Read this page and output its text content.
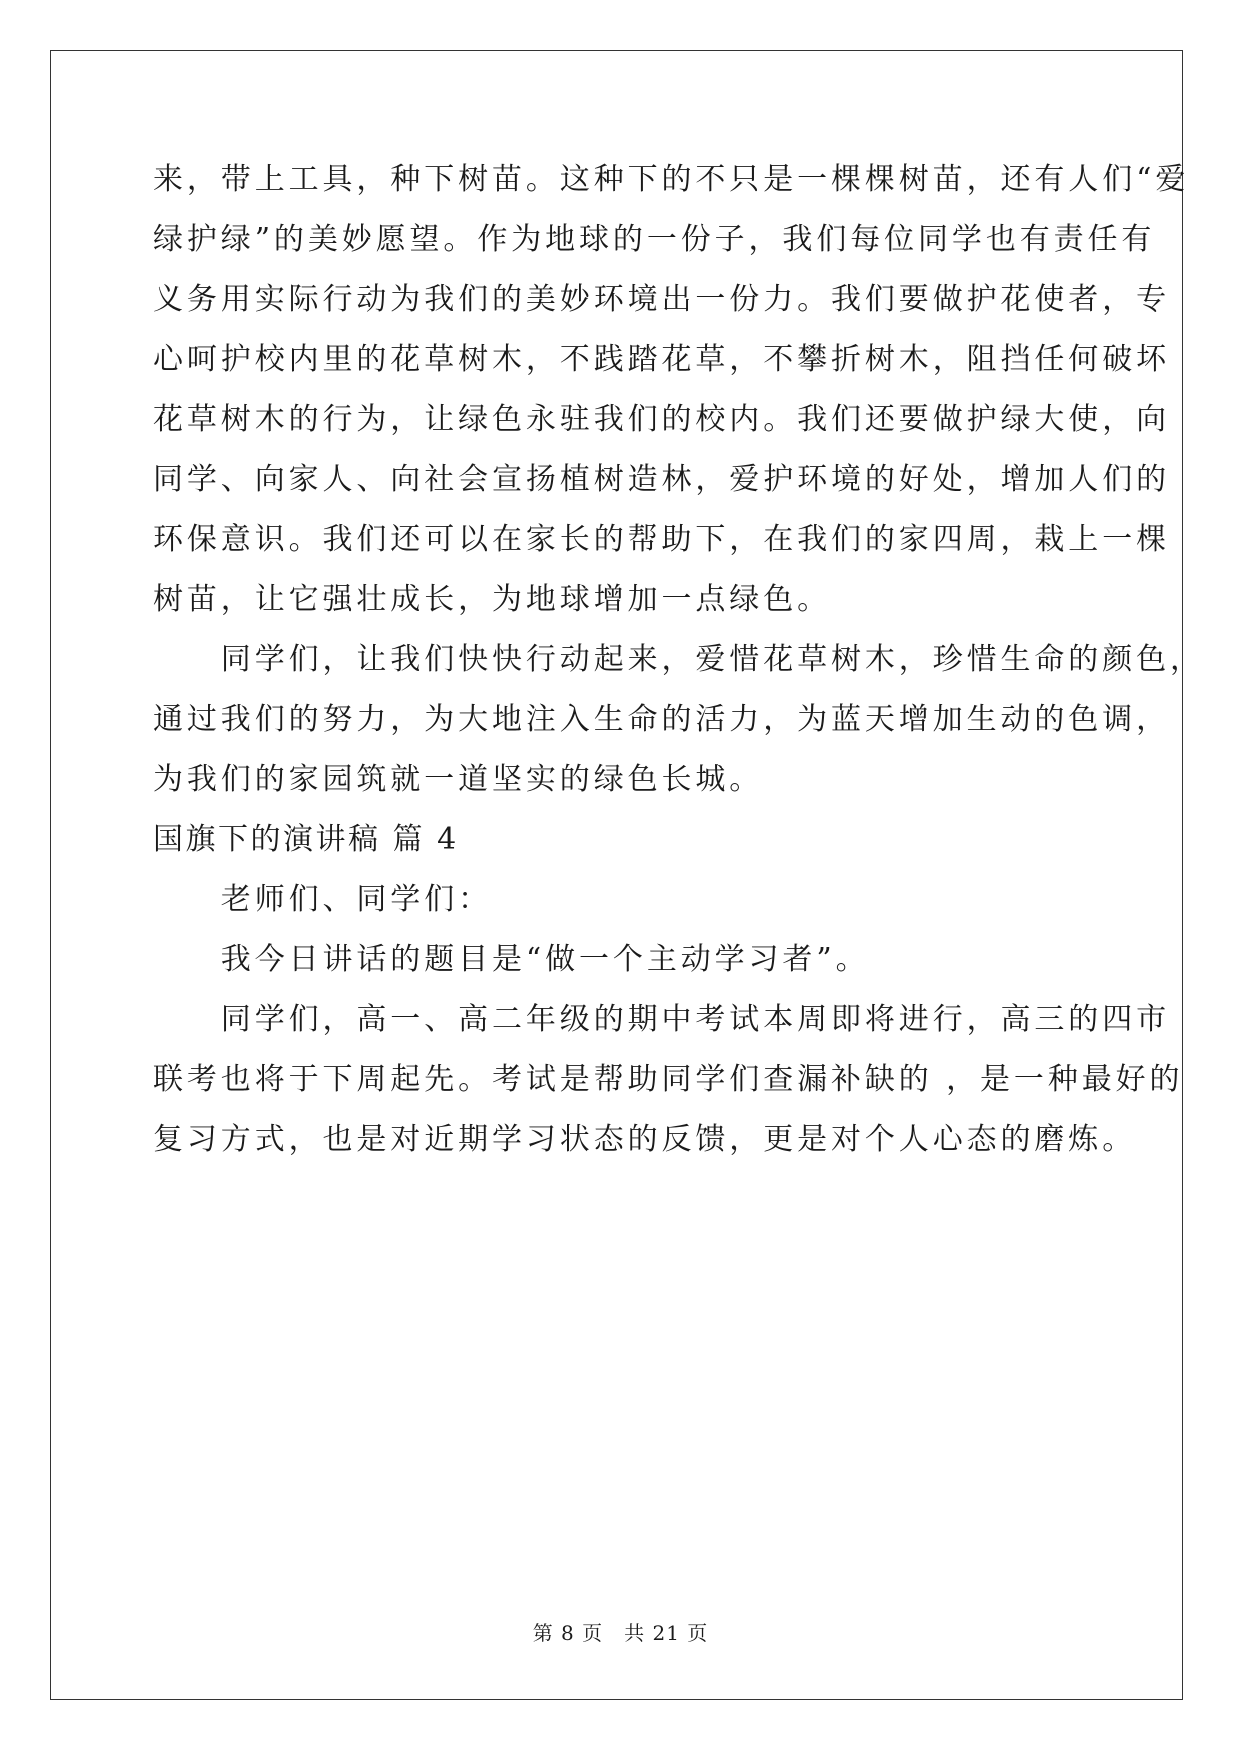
来，带上工具，种下树苗。这种下的不只是一棵棵树苗，还有人们“爱
绿护绿”的美妙愿望。作为地球的一份子，我们每位同学也有责任有
义务用实际行动为我们的美妙环境出一份力。我们要做护花使者，专
心呵护校内里的花草树木，不践踏花草，不攀折树木，阻挡任何破坏
花草树木的行为，让绿色永驻我们的校内。我们还要做护绿大使，向
同学、向家人、向社会宣扬植树造林，爱护环境的好处，增加人们的
环保意识。我们还可以在家长的帮助下，在我们的家四周，栽上一棵
树苗，让它强壮成长，为地球增加一点绿色。
　　同学们，让我们快快行动起来，爱惜花草树木，珍惜生命的颜色，
通过我们的努力，为大地注入生命的活力，为蓝天增加生动的色调，
为我们的家园筑就一道坚实的绿色长城。
国旗下的演讲稿 篇 4
　　老师们、同学们：
　　我今日讲话的题目是“做一个主动学习者”。
　　同学们，高一、高二年级的期中考试本周即将进行，高三的四市
联考也将于下周起先。考试是帮助同学们查漏补缺的 ，是一种最好的
复习方式，也是对近期学习状态的反馈，更是对个人心态的磨炼。
第 8 页　共 21 页
